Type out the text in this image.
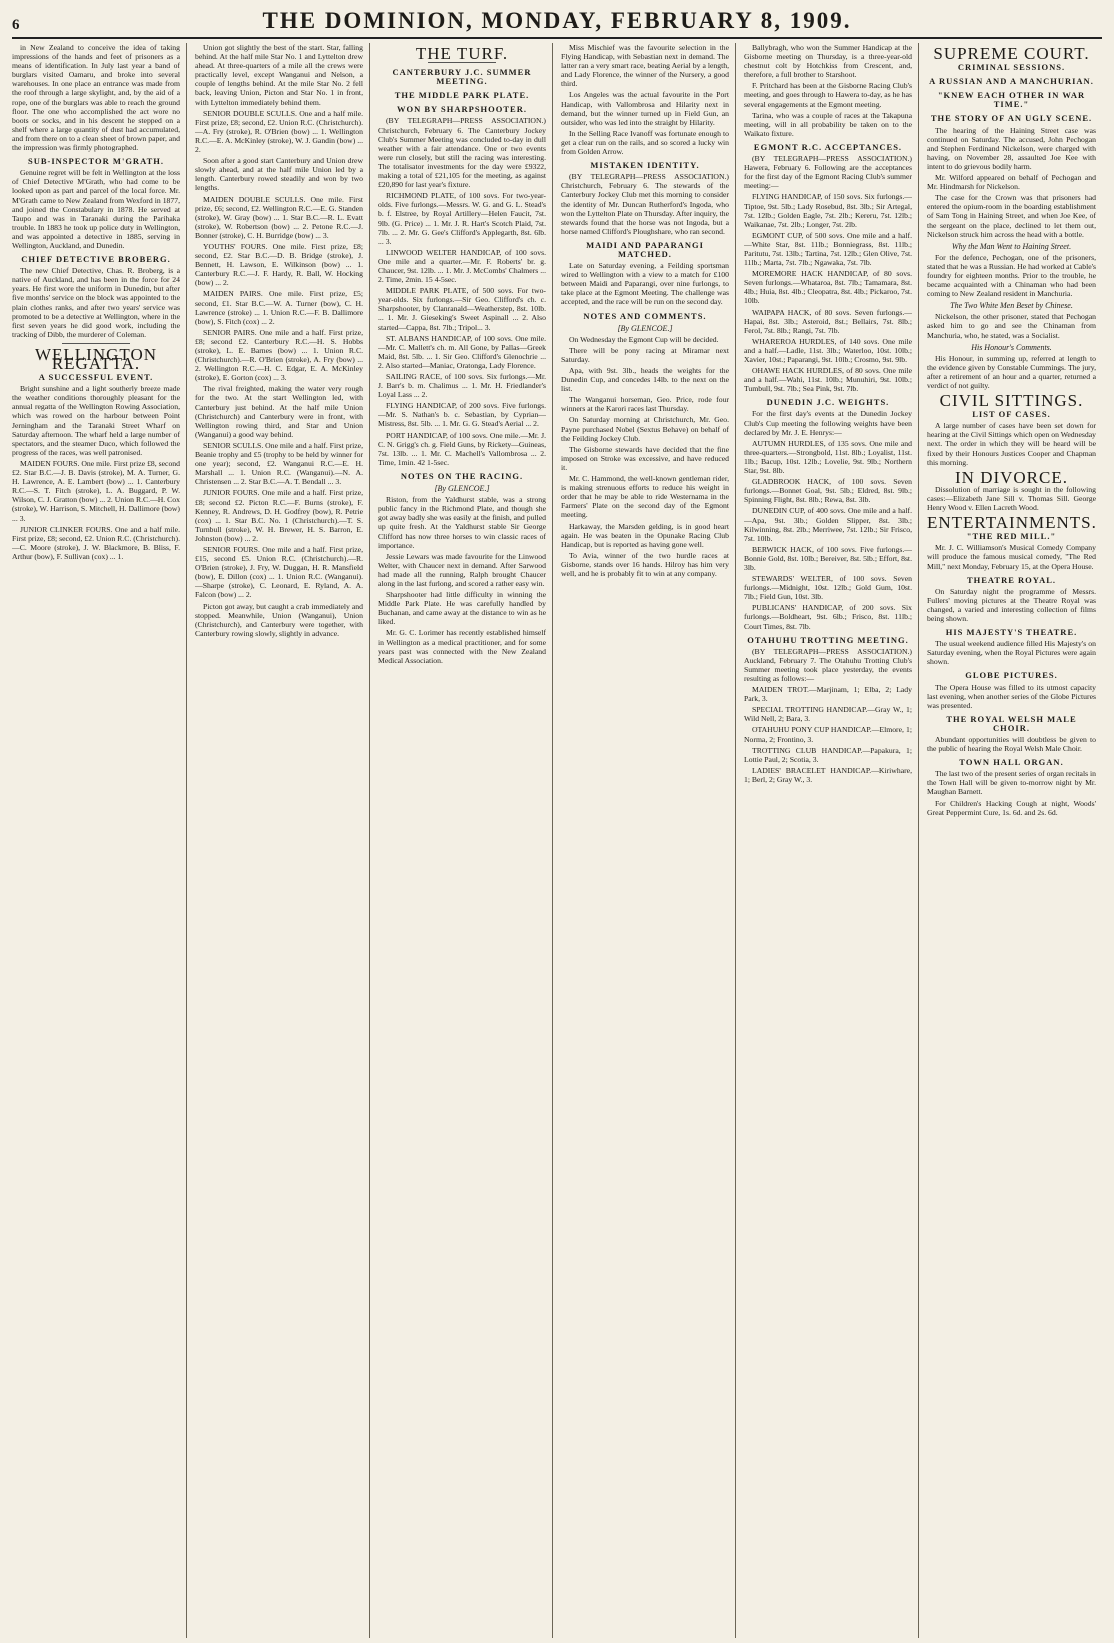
6	THE DOMINION, MONDAY, FEBRUARY 8, 1909.

in New Zealand to conceive the idea of taking impressions of the hands and feet of prisoners as a means of identification. In July last year a band of burglars visited Oamaru, and broke into several warehouses. In one place an entrance was made from the roof through a large skylight, and, by the aid of a rope, one of the burglars was able to reach the ground floor. The one who accomplished the act wore no boots or socks, and in his descent he stepped on a shelf where a large quantity of dust had accumulated, and from there on to a clean sheet of brown paper, and the impression was firmly photographed.

SUB-INSPECTOR M'GRATH.

Genuine regret will be felt in Wellington at the loss of Chief Detective M'Grath, who had come to be looked upon as part and parcel of the local force. Mr. M'Grath came to New Zealand from Wexford in 1877, and joined the Constabulary in 1878. He served at Taupo and was in Taranaki during the Parihaka trouble. In 1883 he took up police duty in Wellington, and was appointed a detective in 1885, serving in Wellington, Auckland, and Dunedin.

CHIEF DETECTIVE BROBERG.

The new Chief Detective, Chas. R. Broberg, is a native of Auckland, and has been in the force for 24 years. He first wore the uniform in Dunedin, but after five months' service on the block was appointed to the plain clothes ranks, and after two years' service was promoted to be a detective at Wellington, where in the first seven years he did good work, including the tracking of Dibb, the murderer of Coleman.

WELLINGTON REGATTA.
A SUCCESSFUL EVENT.

Bright sunshine and a light southerly breeze made the weather conditions thoroughly pleasant for the annual regatta of the Wellington Rowing Association, which was rowed on the harbour between Point Jerningham and the Taranaki Street Wharf on Saturday afternoon. The wharf held a large number of spectators, and the steamer Duco, which followed the progress of the races, was well patronised.

MAIDEN FOURS. One mile. First prize £8, second £2. Star B.C.—J. B. Davis (stroke), M. A. Turner, G. H. Lawrence, A. E. Lambert (bow) ... 1. Canterbury R.C.—S. T. Fitch (stroke), L. A. Buggard, P. W. Wilson, C. J. Gratton (bow) ... 2. Union R.C.—H. Cox (stroke), W. Harrison, S. Mitchell, H. Dallimore (bow) ... 3.

JUNIOR CLINKER FOURS. One and a half mile. First prize, £8; second, £2. Union R.C. (Christchurch).—C. Moore (stroke), J. W. Blackmore, B. Bliss, F. Arthur (bow), F. Sullivan (cox) ... 1.

Union got slightly the best of the start. Star, falling behind. At the half mile Star No. 1 and Lyttelton drew ahead. At three-quarters of a mile all the crews were practically level, except Wanganui and Nelson, a couple of lengths behind. At the mile Star No. 2 fell back, leaving Union, Picton and Star No. 1 in front, with Lyttelton immediately behind them.

SENIOR DOUBLE SCULLS. One and a half mile. First prize, £8; second, £2. Union R.C. (Christchurch).—A. Fry (stroke), R. O'Brien (bow) ... 1. Wellington R.C.—E. A. McKinley (stroke), W. J. Gandin (bow) ... 2.

Soon after a good start Canterbury and Union drew slowly ahead, and at the half mile Union led by a length. Canterbury rowed steadily and won by two lengths.

MAIDEN DOUBLE SCULLS. One mile. First prize, £6; second, £2. Wellington R.C.—E. G. Standen (stroke), W. Gray (bow) ... 1. Star B.C.—R. L. Evatt (stroke), W. Robertson (bow) ... 2. Petone R.C.—J. Bonner (stroke), C. H. Burridge (bow) ... 3.

YOUTHS' FOURS. One mile. First prize, £8; second, £2. Star B.C.—D. B. Bridge (stroke), J. Bennett, H. Lawson, E. Wilkinson (bow) ... 1. Canterbury R.C.—J. F. Hardy, R. Ball, W. Hocking (bow) ... 2.

MAIDEN PAIRS. One mile. First prize, £5; second, £1. Star B.C.—W. A. Turner (bow), C. H. Lawrence (stroke) ... 1. Union R.C.—F. B. Dallimore (bow), S. Fitch (cox) ... 2.

SENIOR PAIRS. One mile and a half. First prize, £8; second £2. Canterbury R.C.—H. S. Hobbs (stroke), L. E. Barnes (bow) ... 1. Union R.C. (Christchurch).—R. O'Brien (stroke), A. Fry (bow) ... 2. Wellington R.C.—H. C. Edgar, E. A. McKinley (stroke), E. Gorton (cox) ... 3.

The rival freighted, making the water very rough for the two. At the start Wellington led, with Canterbury just behind. At the half mile Union (Christchurch) and Canterbury were in front, with Wellington rowing third, and Star and Union (Wanganui) a good way behind.

SENIOR SCULLS. One mile and a half. First prize, Beanie trophy and £5 (trophy to be held by winner for one year); second, £2. Wanganui R.C.—E. H. Marshall ... 1. Union R.C. (Wanganui).—N. A. Christensen ... 2. Star B.C.—A. T. Bendall ... 3.

JUNIOR FOURS. One mile and a half. First prize, £8; second £2. Picton R.C.—F. Burns (stroke), F. Kenney, R. Andrews, D. H. Godfrey (bow), R. Petrie (cox) ... 1. Star B.C. No. 1 (Christchurch).—T. S. Turnbull (stroke), W. H. Brewer, H. S. Barron, E. Johnston (bow) ... 2.

SENIOR FOURS. One mile and a half. First prize, £15, second £5. Union R.C. (Christchurch).—R. O'Brien (stroke), J. Fry, W. Duggan, H. R. Mansfield (bow), E. Dillon (cox) ... 1. Union R.C. (Wanganui).—Sharpe (stroke), C. Leonard, E. Ryland, A. A. Falcon (bow) ... 2.

Picton got away, but caught a crab immediately and stopped. Meanwhile, Union (Wanganui), Union (Christchurch), and Canterbury were together, with Canterbury rowing slowly, slightly in advance.

THE TURF.
CANTERBURY J.C. SUMMER MEETING.
THE MIDDLE PARK PLATE.
WON BY SHARPSHOOTER.

(BY TELEGRAPH—PRESS ASSOCIATION.) Christchurch, February 6. The Canterbury Jockey Club's Summer Meeting was concluded to-day in dull weather with a fair attendance. One or two events were run closely, but still the racing was interesting. The totalisator investments for the day were £9322, making a total of £21,105 for the meeting, as against £20,890 for last year's fixture.

RICHMOND PLATE, of 100 sovs. For two-year-olds. Five furlongs.—Messrs. W. G. and G. L. Stead's b. f. Elstree, by Royal Artillery—Helen Faucit, 7st. 9lb. (G. Price) ... 1. Mr. J. R. Hart's Scotch Plaid, 7st. 7lb. ... 2. Mr. G. Gee's Clifford's Applegarth, 8st. 6lb. ... 3.

LINWOOD WELTER HANDICAP, of 100 sovs. One mile and a quarter.—Mr. F. Roberts' br. g. Chaucer, 9st. 12lb. ... 1. Mr. J. McCombs' Chalmers ... 2. Time, 2min. 15 4-5sec.

MIDDLE PARK PLATE, of 500 sovs. For two-year-olds. Six furlongs.—Sir Geo. Clifford's ch. c. Sharpshooter, by Clanranald—Weatherstep, 8st. 10lb. ... 1. Mr. J. Gieseking's Sweet Aspinall ... 2. Also started—Cappa, 8st. 7lb.; Tripol... 3.

ST. ALBANS HANDICAP, of 100 sovs. One mile.—Mr. C. Mallett's ch. m. All Gone, by Pallas—Greek Maid, 8st. 5lb. ... 1. Sir Geo. Clifford's Glenochrie ... 2. Also started—Maniac, Oratonga, Lady Florence.

SAILING RACE, of 100 sovs. Six furlongs.—Mr. J. Barr's b. m. Chalimus ... 1. Mr. H. Friedlander's Loyal Lass ... 2.

FLYING HANDICAP, of 200 sovs. Five furlongs.—Mr. S. Nathan's b. c. Sebastian, by Cyprian—Mistress, 8st. 5lb. ... 1. Mr. G. G. Stead's Aerial ... 2.

PORT HANDICAP, of 100 sovs. One mile.—Mr. J. C. N. Grigg's ch. g. Field Guns, by Rickety—Guineas, 7st. 13lb. ... 1. Mr. C. Machell's Vallombrosa ... 2. Time, 1min. 42 1-5sec.

NOTES ON THE RACING.
[By GLENCOE.]

Riston, from the Yaldhurst stable, was a strong public fancy in the Richmond Plate, and though she got away badly she was easily at the finish, and pulled up quite fresh. At the Yaldhurst stable Sir George Clifford has now three horses to win classic races of importance.

Jessie Lewars was made favourite for the Linwood Welter, with Chaucer next in demand. After Sarwood had made all the running, Ralph brought Chaucer along in the last furlong, and scored a rather easy win.

Sharpshooter had little difficulty in winning the Middle Park Plate. He was carefully handled by Buchanan, and came away at the distance to win as he liked.

Mr. G. C. Lorimer has recently established himself in Wellington as a medical practitioner, and for some years past was connected with the New Zealand Medical Association.

Miss Mischief was the favourite selection in the Flying Handicap, with Sebastian next in demand. The latter ran a very smart race, beating Aerial by a length, and Lady Florence, the winner of the Nursery, a good third.

Los Angeles was the actual favourite in the Port Handicap, with Vallombrosa and Hilarity next in demand, but the winner turned up in Field Gun, an outsider, who was led into the straight by Hilarity.

In the Selling Race Ivanoff was fortunate enough to get a clear run on the rails, and so scored a lucky win from Golden Arrow.

MISTAKEN IDENTITY.

(BY TELEGRAPH—PRESS ASSOCIATION.) Christchurch, February 6. The stewards of the Canterbury Jockey Club met this morning to consider the identity of Mr. Duncan Rutherford's Ingoda, who won the Lyttelton Plate on Thursday. After inquiry, the stewards found that the horse was not Ingoda, but a horse named Clifford's Ploughshare, who ran second.

MAIDI AND PAPARANGI MATCHED.

Late on Saturday evening, a Feilding sportsman wired to Wellington with a view to a match for £100 between Maidi and Paparangi, over nine furlongs, to take place at the Egmont Meeting. The challenge was accepted, and the race will be run on the second day.

NOTES AND COMMENTS.
[By GLENCOE.]

On Wednesday the Egmont Cup will be decided.

There will be pony racing at Miramar next Saturday.

Apa, with 9st. 3lb., heads the weights for the Dunedin Cup, and concedes 14lb. to the next on the list.

The Wanganui horseman, Geo. Price, rode four winners at the Karori races last Thursday.

On Saturday morning at Christchurch, Mr. Geo. Payne purchased Nobel (Sextus Behave) on behalf of the Feilding Jockey Club.

The Gisborne stewards have decided that the fine imposed on Stroke was excessive, and have reduced it.

Mr. C. Hammond, the well-known gentleman rider, is making strenuous efforts to reduce his weight in order that he may be able to ride Westernama in the Farmers' Plate on the second day of the Egmont meeting.

Harkaway, the Marsden gelding, is in good heart again. He was beaten in the Opunake Racing Club Handicap, but is reported as having gone well.

To Avia, winner of the two hurdle races at Gisborne, stands over 16 hands. Hilroy has him very well, and he is probably fit to win at any company.

Ballybragh, who won the Summer Handicap at the Gisborne meeting on Thursday, is a three-year-old chestnut colt by Hotchkiss from Crescent, and, therefore, a full brother to Starshoot.

F. Pritchard has been at the Gisborne Racing Club's meeting, and goes through to Hawera to-day, as he has several engagements at the Egmont meeting.

Tarina, who was a couple of races at the Takapuna meeting, will in all probability be taken on to the Waikato fixture.

EGMONT R.C. ACCEPTANCES.

(BY TELEGRAPH—PRESS ASSOCIATION.) Hawera, February 6. Following are the acceptances for the first day of the Egmont Racing Club's summer meeting:—

FLYING HANDICAP, of 150 sovs. Six furlongs.—Tiptoe, 9st. 5lb.; Lady Rosebud, 8st. 3lb.; Sir Artegal, 7st. 12lb.; Golden Eagle, 7st. 2lb.; Kereru, 7st. 12lb.; Waikanae, 7st. 2lb.; Longer, 7st. 2lb.

EGMONT CUP, of 500 sovs. One mile and a half.—White Star, 8st. 11lb.; Bonniegrass, 8st. 11lb.; Paritutu, 7st. 13lb.; Tartina, 7st. 12lb.; Glen Olive, 7st. 11lb.; Marta, 7st. 7lb.; Ngawaka, 7st. 7lb.

MOREMORE HACK HANDICAP, of 80 sovs. Seven furlongs.—Whataroa, 8st. 7lb.; Tamamara, 8st. 4lb.; Huia, 8st. 4lb.; Cleopatra, 8st. 4lb.; Pickaroo, 7st. 10lb.

WAIPAPA HACK, of 80 sovs. Seven furlongs.—Hapai, 8st. 3lb.; Asteroid, 8st.; Bellairs, 7st. 8lb.; Ferol, 7st. 8lb.; Rangi, 7st. 7lb.

WHAREROA HURDLES, of 140 sovs. One mile and a half.—Ladle, 11st. 3lb.; Waterloo, 10st. 10lb.; Xavier, 10st.; Paparangi, 9st. 10lb.; Crosmo, 9st. 9lb.

OHAWE HACK HURDLES, of 80 sovs. One mile and a half.—Wahi, 11st. 10lb.; Munuhiri, 9st. 10lb.; Tumbull, 9st. 7lb.; Sea Pink, 9st. 7lb.

DUNEDIN J.C. WEIGHTS.

For the first day's events at the Dunedin Jockey Club's Cup meeting the following weights have been declared by Mr. J. E. Henrys:—

AUTUMN HURDLES, of 135 sovs. One mile and three-quarters.—Strongbold, 11st. 8lb.; Loyalist, 11st. 1lb.; Bacup, 10st. 12lb.; Lovelie, 9st. 9lb.; Northern Star, 9st. 8lb.

GLADBROOK HACK, of 100 sovs. Seven furlongs.—Bonnet Goal, 9st. 5lb.; Eldred, 8st. 9lb.; Spinning Flight, 8st. 8lb.; Rewa, 8st. 3lb.

DUNEDIN CUP, of 400 sovs. One mile and a half.—Apa, 9st. 3lb.; Golden Slipper, 8st. 3lb.; Kilwinning, 8st. 2lb.; Merriwee, 7st. 12lb.; Sir Frisco, 7st. 10lb.

BERWICK HACK, of 100 sovs. Five furlongs.—Bonnie Gold, 8st. 10lb.; Bereiver, 8st. 5lb.; Effort, 8st. 3lb.

STEWARDS' WELTER, of 100 sovs. Seven furlongs.—Midnight, 10st. 12lb.; Gold Gum, 10st. 7lb.; Field Gun, 10st. 3lb.

PUBLICANS' HANDICAP, of 200 sovs. Six furlongs.—Boldheart, 9st. 6lb.; Frisco, 8st. 11lb.; Court Times, 8st. 7lb.

OTAHUHU TROTTING MEETING.

(BY TELEGRAPH—PRESS ASSOCIATION.) Auckland, February 7. The Otahuhu Trotting Club's Summer meeting took place yesterday, the events resulting as follows:—

MAIDEN TROT.—Marjinam, 1; Elba, 2; Lady Park, 3.

SPECIAL TROTTING HANDICAP.—Gray W., 1; Wild Nell, 2; Bara, 3.

OTAHUHU PONY CUP HANDICAP.—Elmore, 1; Norma, 2; Frontino, 3.

TROTTING CLUB HANDICAP.—Papakura, 1; Lottie Paul, 2; Scotia, 3.

LADIES' BRACELET HANDICAP.—Kiriwhare, 1; Berl, 2; Gray W., 3.

SUPREME COURT.
CRIMINAL SESSIONS.
A RUSSIAN AND A MANCHURIAN.
"KNEW EACH OTHER IN WAR TIME."
THE STORY OF AN UGLY SCENE.

The hearing of the Haining Street case was continued on Saturday. The accused, John Pechogan and Stephen Ferdinand Nickelson, were charged with having, on November 28, assaulted Joe Kee with intent to do grievous bodily harm.

Mr. Wilford appeared on behalf of Pechogan and Mr. Hindmarsh for Nickelson.

The case for the Crown was that prisoners had entered the opium-room in the boarding establishment of Sam Tong in Haining Street, and when Joe Kee, of the sergeant on the place, declined to let them out, Nickelson struck him across the head with a bottle.

Why the Man Went to Haining Street.

For the defence, Pechogan, one of the prisoners, stated that he was a Russian. He had worked at Cable's foundry for eighteen months. Prior to the trouble, he became acquainted with a Chinaman who had been coming to New Zealand resident in Manchuria.

The Two White Men Beset by Chinese.

Nickelson, the other prisoner, stated that Pechogan asked him to go and see the Chinaman from Manchuria, who, he stated, was a Socialist.

His Honour's Comments.

His Honour, in summing up, referred at length to the evidence given by Constable Cummings. The jury, after a retirement of an hour and a quarter, returned a verdict of not guilty.

CIVIL SITTINGS.
LIST OF CASES.

A large number of cases have been set down for hearing at the Civil Sittings which open on Wednesday next. The order in which they will be heard will be fixed by their Honours Justices Cooper and Chapman this morning.

IN DIVORCE.

Dissolution of marriage is sought in the following cases:—Elizabeth Jane Sill v. Thomas Sill. George Henry Wood v. Ellen Lacreth Wood.

ENTERTAINMENTS.
"THE RED MILL."

Mr. J. C. Williamson's Musical Comedy Company will produce the famous musical comedy, "The Red Mill," next Monday, February 15, at the Opera House.

THEATRE ROYAL.

On Saturday night the programme of Messrs. Fullers' moving pictures at the Theatre Royal was changed, a varied and interesting collection of films being shown.

HIS MAJESTY'S THEATRE.

The usual weekend audience filled His Majesty's on Saturday evening, when the Royal Pictures were again shown.

GLOBE PICTURES.

The Opera House was filled to its utmost capacity last evening, when another series of the Globe Pictures was presented.

THE ROYAL WELSH MALE CHOIR.

Abundant opportunities will doubtless be given to the public of hearing the Royal Welsh Male Choir.

TOWN HALL ORGAN.

The last two of the present series of organ recitals in the Town Hall will be given to-morrow night by Mr. Maughan Barnett.

For Children's Hacking Cough at night, Woods' Great Peppermint Cure, 1s. 6d. and 2s. 6d.
